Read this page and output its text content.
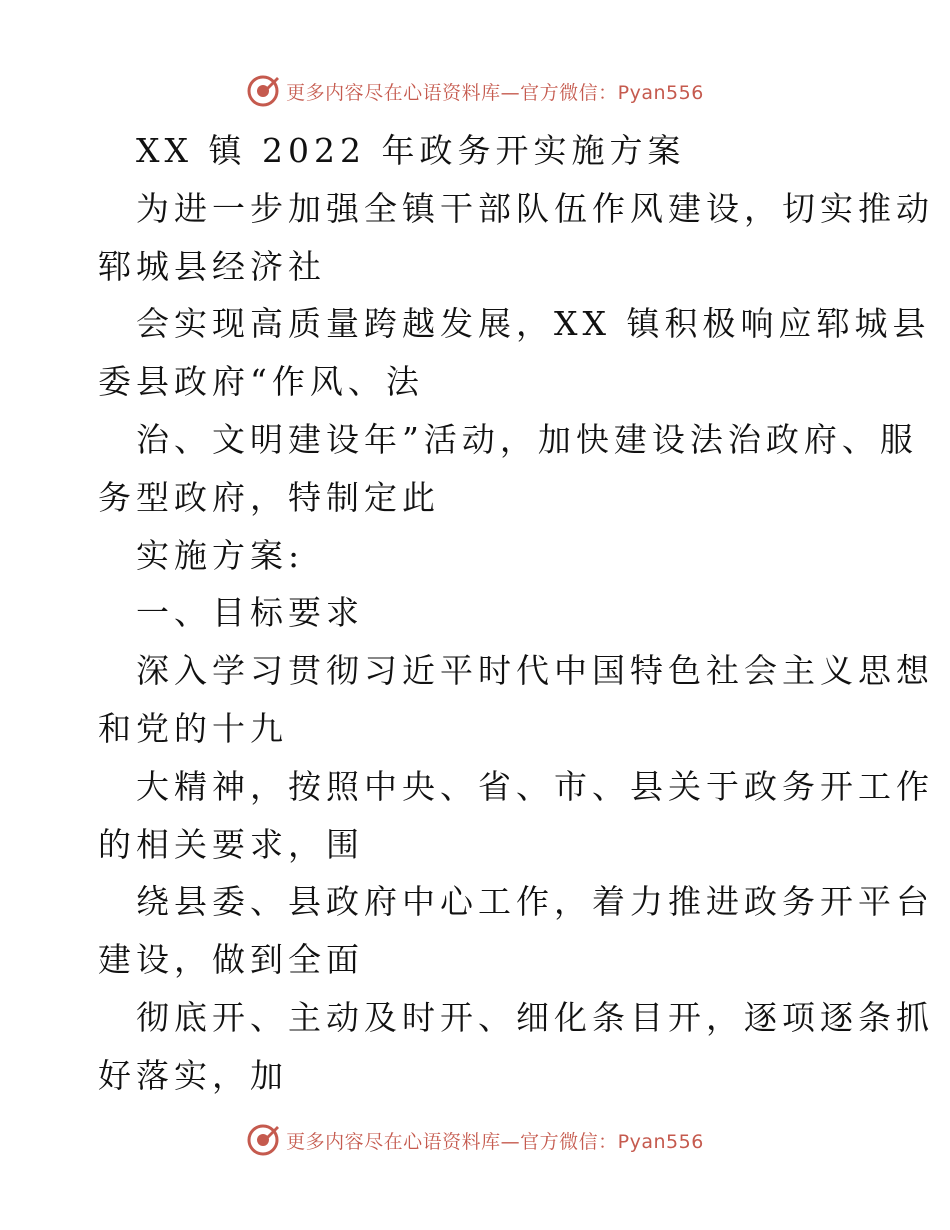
更多内容尽在心语资料库—官方微信：Pyan556
XX 镇 2022 年政务开实施方案
为进一步加强全镇干部队伍作风建设，切实推动
郓城县经济社
会实现高质量跨越发展，XX 镇积极响应郓城县
委县政府“作风、法
治、文明建设年”活动，加快建设法治政府、服
务型政府，特制定此
实施方案:
一、目标要求
深入学习贯彻习近平时代中国特色社会主义思想
和党的十九
大精神，按照中央、省、市、县关于政务开工作
的相关要求，围
绕县委、县政府中心工作，着力推进政务开平台
建设，做到全面
彻底开、主动及时开、细化条目开，逐项逐条抓
好落实，加
更多内容尽在心语资料库—官方微信：Pyan556
